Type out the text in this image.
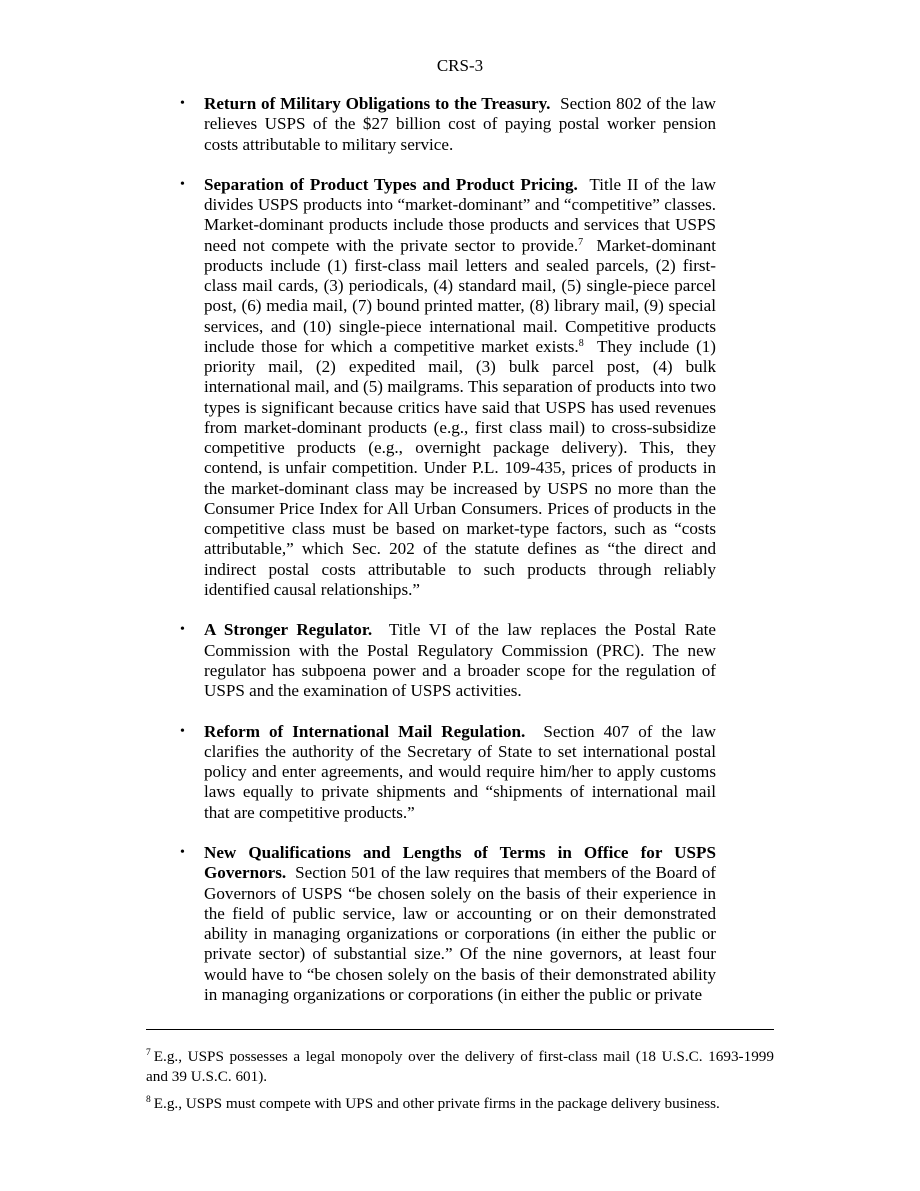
CRS-3
•	Return of Military Obligations to the Treasury. Section 802 of the law relieves USPS of the $27 billion cost of paying postal worker pension costs attributable to military service.
•	Separation of Product Types and Product Pricing. Title II of the law divides USPS products into “market-dominant” and “competitive” classes. Market-dominant products include those products and services that USPS need not compete with the private sector to provide.$^7$ Market-dominant products include (1) first-class mail letters and sealed parcels, (2) first-class mail cards, (3) periodicals, (4) standard mail, (5) single-piece parcel post, (6) media mail, (7) bound printed matter, (8) library mail, (9) special services, and (10) single-piece international mail. Competitive products include those for which a competitive market exists.$^8$ They include (1) priority mail, (2) expedited mail, (3) bulk parcel post, (4) bulk international mail, and (5) mailgrams. This separation of products into two types is significant because critics have said that USPS has used revenues from market-dominant products (e.g., first class mail) to cross-subsidize competitive products (e.g., overnight package delivery). This, they contend, is unfair competition. Under P.L. 109-435, prices of products in the market-dominant class may be increased by USPS no more than the Consumer Price Index for All Urban Consumers. Prices of products in the competitive class must be based on market-type factors, such as “costs attributable,” which Sec. 202 of the statute defines as “the direct and indirect postal costs attributable to such products through reliably identified causal relationships.”
•	A Stronger Regulator. Title VI of the law replaces the Postal Rate Commission with the Postal Regulatory Commission (PRC). The new regulator has subpoena power and a broader scope for the regulation of USPS and the examination of USPS activities.
•	Reform of International Mail Regulation. Section 407 of the law clarifies the authority of the Secretary of State to set international postal policy and enter agreements, and would require him/her to apply customs laws equally to private shipments and “shipments of international mail that are competitive products.”
•	New Qualifications and Lengths of Terms in Office for USPS Governors. Section 501 of the law requires that members of the Board of Governors of USPS “be chosen solely on the basis of their experience in the field of public service, law or accounting or on their demonstrated ability in managing organizations or corporations (in either the public or private sector) of substantial size.” Of the nine governors, at least four would have to “be chosen solely on the basis of their demonstrated ability in managing organizations or corporations (in either the public or private

$^7$ E.g., USPS possesses a legal monopoly over the delivery of first-class mail (18 U.S.C. 1693-1999 and 39 U.S.C. 601).

$^8$ E.g., USPS must compete with UPS and other private firms in the package delivery business.
